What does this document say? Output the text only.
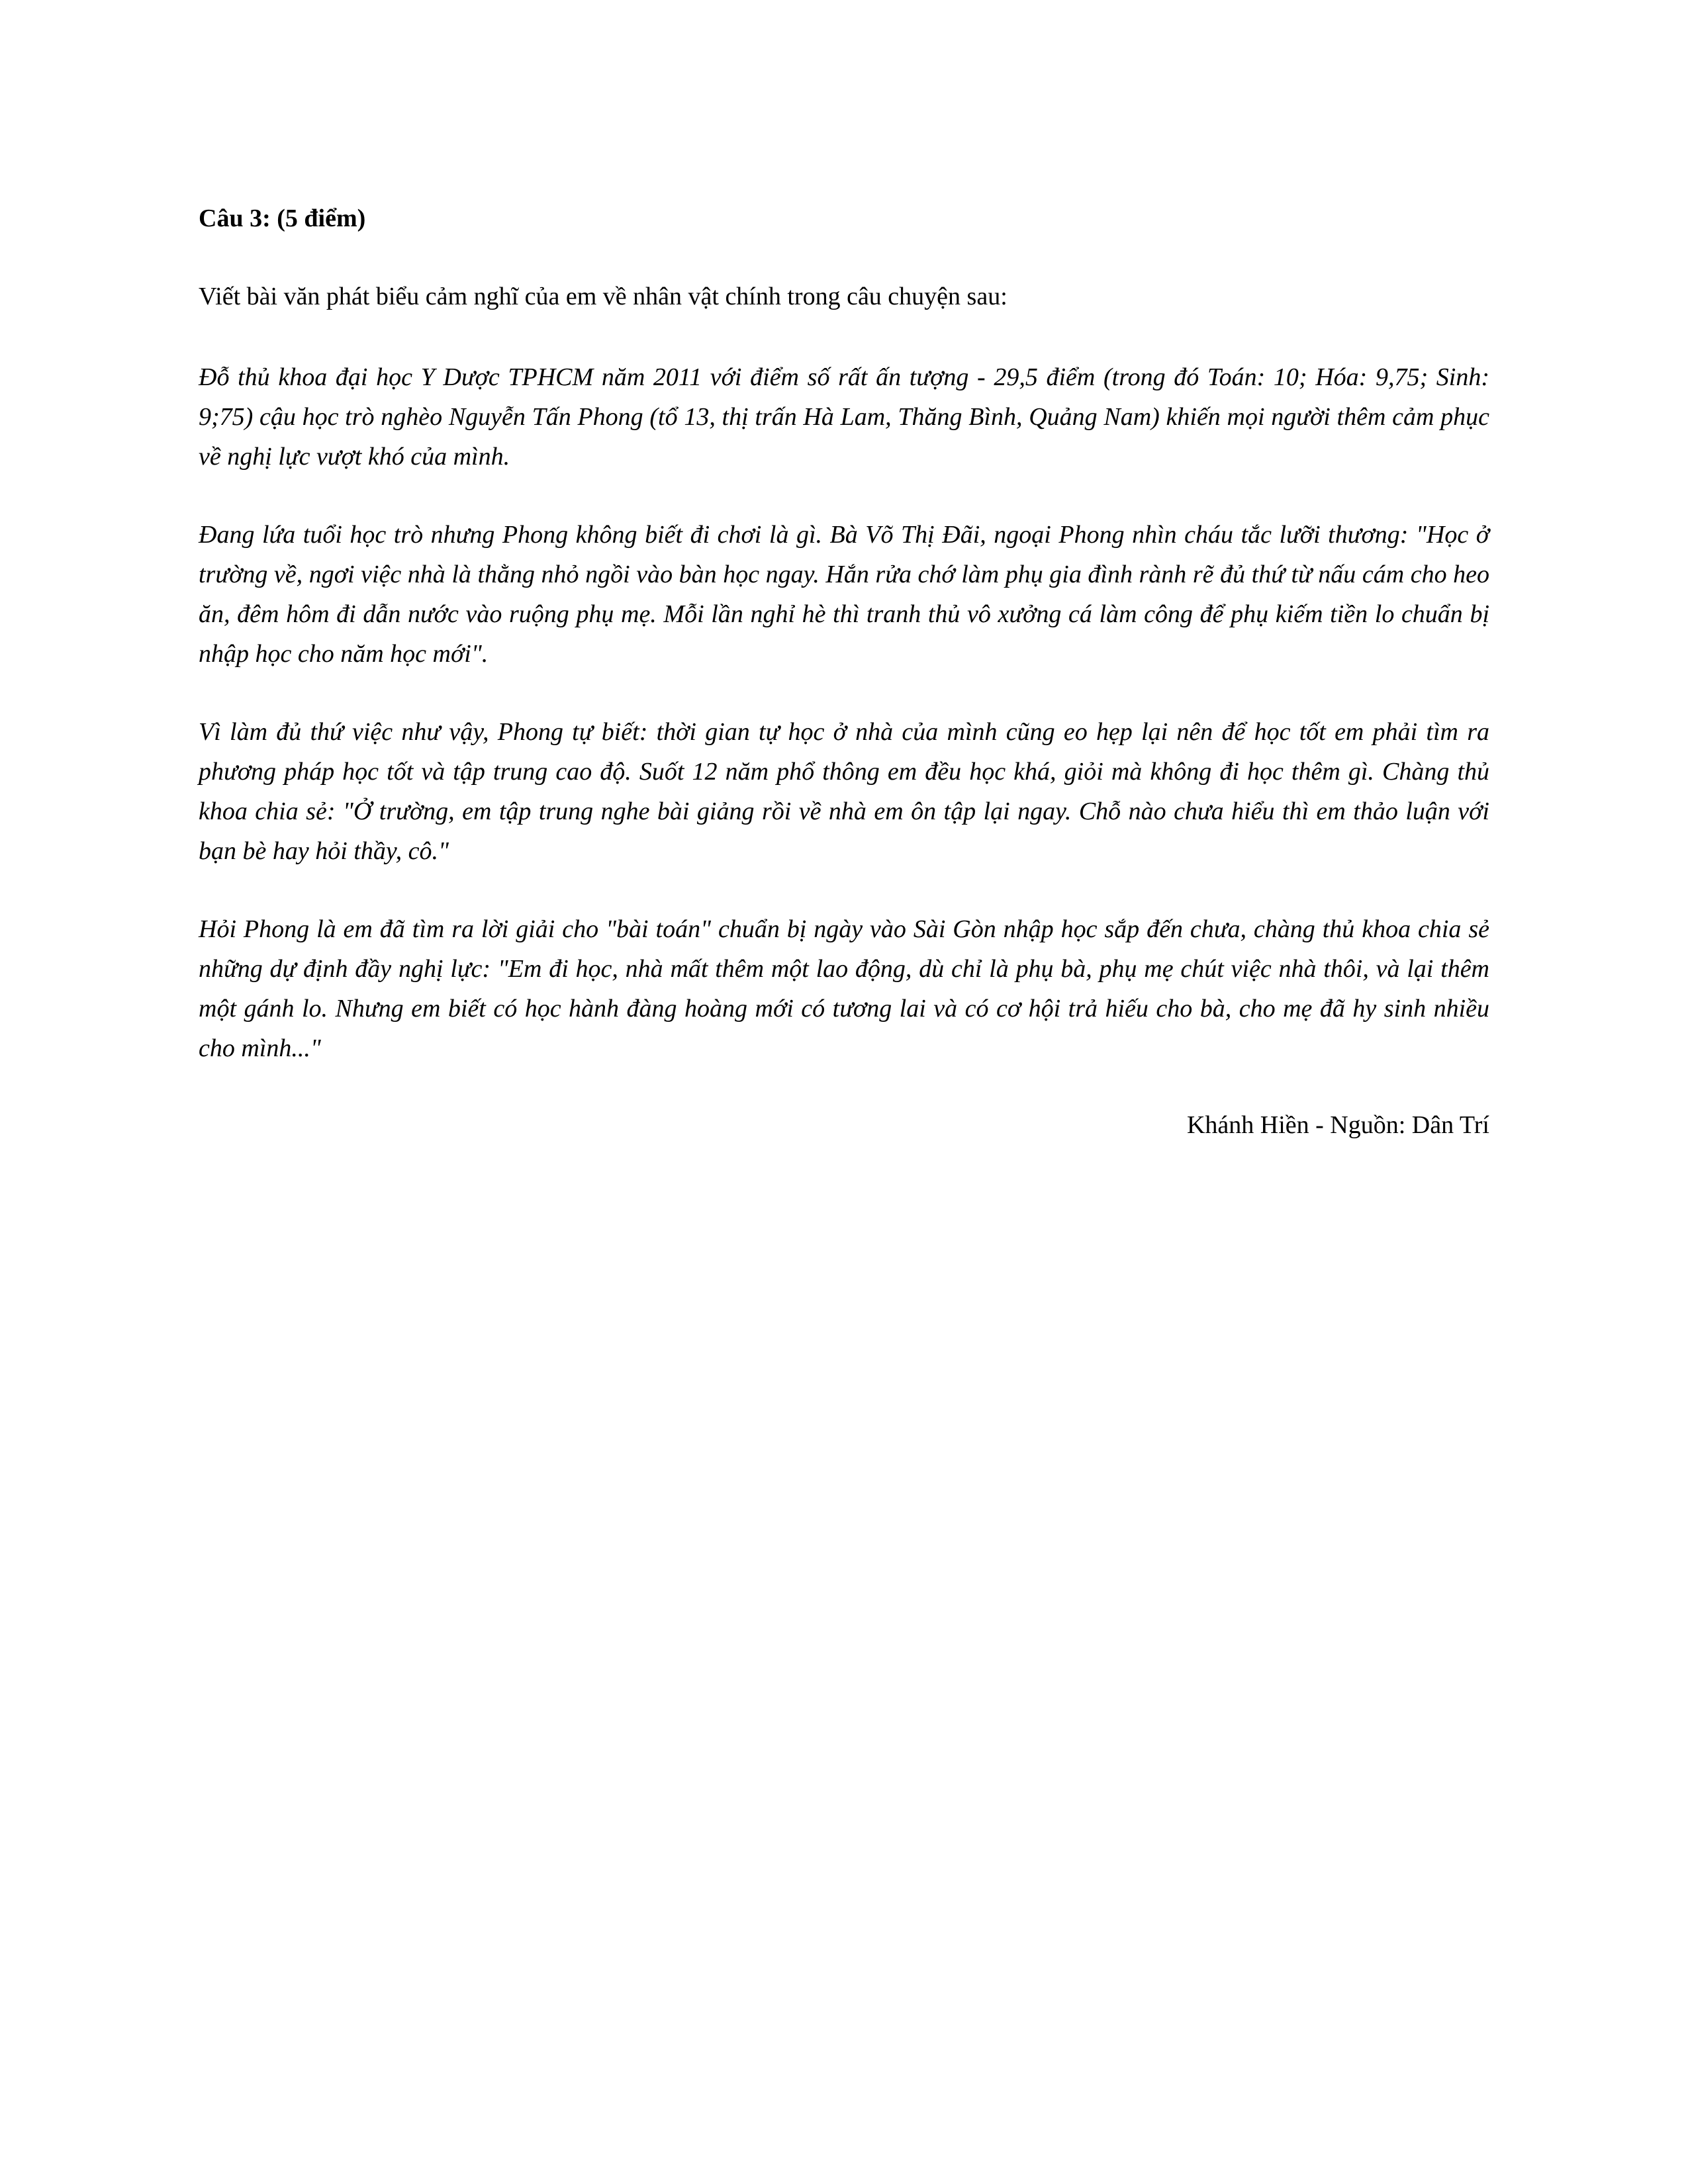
Câu 3: (5 điểm)
Viết bài văn phát biểu cảm nghĩ của em về nhân vật chính trong câu chuyện sau:

Đỗ thủ khoa đại học Y Dược TPHCM năm 2011 với điểm số rất ấn tượng - 29,5 điểm (trong đó Toán: 10; Hóa: 9,75; Sinh: 9;75) cậu học trò nghèo Nguyễn Tấn Phong (tổ 13, thị trấn Hà Lam, Thăng Bình, Quảng Nam) khiến mọi người thêm cảm phục về nghị lực vượt khó của mình.

Đang lứa tuổi học trò nhưng Phong không biết đi chơi là gì. Bà Võ Thị Đãi, ngoại Phong nhìn cháu tắc lưỡi thương: "Học ở trường về, ngơi việc nhà là thằng nhỏ ngồi vào bàn học ngay. Hắn rửa chớ làm phụ gia đình rành rẽ đủ thứ từ nấu cám cho heo ăn, đêm hôm đi dẫn nước vào ruộng phụ mẹ. Mỗi lần nghỉ hè thì tranh thủ vô xưởng cá làm công để phụ kiếm tiền lo chuẩn bị nhập học cho năm học mới".

Vì làm đủ thứ việc như vậy, Phong tự biết: thời gian tự học ở nhà của mình cũng eo hẹp lại nên để học tốt em phải tìm ra phương pháp học tốt và tập trung cao độ. Suốt 12 năm phổ thông em đều học khá, giỏi mà không đi học thêm gì. Chàng thủ khoa chia sẻ: "Ở trường, em tập trung nghe bài giảng rồi về nhà em ôn tập lại ngay. Chỗ nào chưa hiểu thì em thảo luận với bạn bè hay hỏi thầy, cô."

Hỏi Phong là em đã tìm ra lời giải cho "bài toán" chuẩn bị ngày vào Sài Gòn nhập học sắp đến chưa, chàng thủ khoa chia sẻ những dự định đầy nghị lực: "Em đi học, nhà mất thêm một lao động, dù chỉ là phụ bà, phụ mẹ chút việc nhà thôi, và lại thêm một gánh lo. Nhưng em biết có học hành đàng hoàng mới có tương lai và có cơ hội trả hiếu cho bà, cho mẹ đã hy sinh nhiều cho mình..."

Khánh Hiền - Nguồn: Dân Trí
